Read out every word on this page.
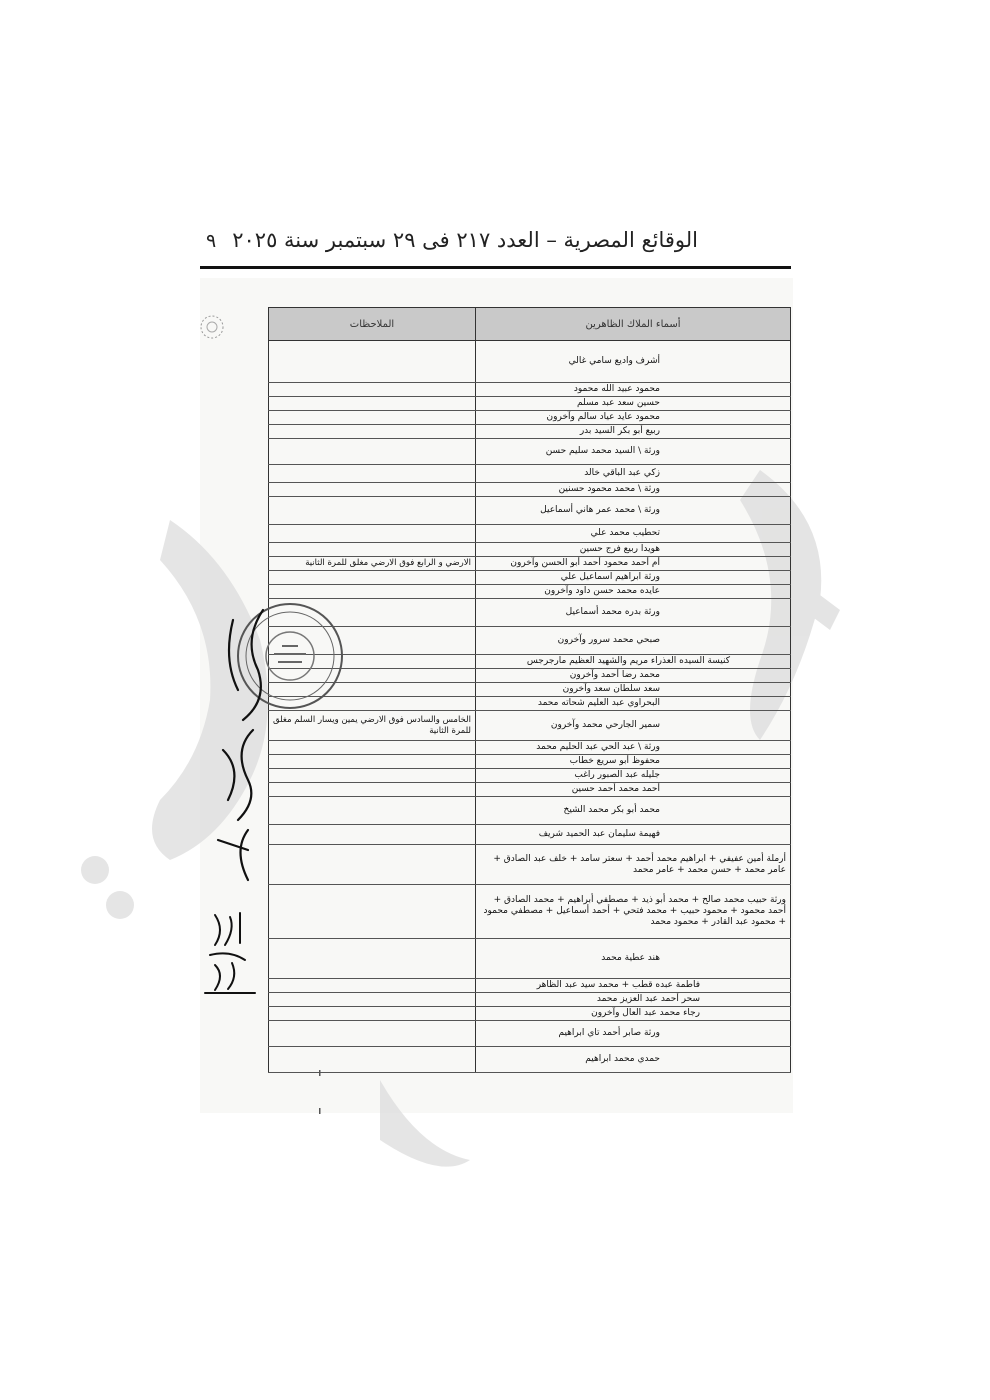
الوقائع المصرية – العدد ٢١٧ فى ٢٩ سبتمبر سنة ٢٠٢٥
٩
أسماء الملاك الظاهرين	الملاحظات
أشرف واديع سامي غالي	
محمود عبيد الله محمود	
حسين سعد عبد مسلم	
محمود عايد عياد سالم وآخرون	
ربيع أبو بكر السيد بدر	
ورثة \ السيد محمد سليم حسن	
زكي عبد الباقي خالد	
ورثة \ محمد محمود حسنين	
ورثة \ محمد عمر هاني أسماعيل	
تحطيب محمد علي	
هويدا ربيع فرج حسين	
أم أحمد محمود أحمد أبو الحسن وآخرون	الارضي و الرابع فوق الارضي مغلق للمرة الثانية
ورثة ابراهيم اسماعيل علي	
عايده محمد حسن داود وآخرون	
ورثة بدره محمد أسماعيل	
صبحي محمد سرور وآخرون	
كنيسة السيده العذراء مريم والشهيد العظيم مارجرجس	
محمد رضا أحمد وآخرون	
سعد سلطان سعد وآخرون	
البحراوي عبد العليم شحاته محمد	
سمير الجارحي محمد وآخرون	الخامس والسادس فوق الارضي يمين ويسار السلم مغلق للمرة الثانية
ورثة \ عبد الحي عبد الحليم محمد	
محفوظ أبو سريع خطاب	
جليله عبد الصبور راغب	
أحمد محمد أحمد حسين	
محمد أبو بكر محمد الشيخ	
فهيمة سليمان عبد الحميد شريف	
أرملة أمين عفيفي + ابراهيم محمد أحمد + سعتر سامد + خلف عبد الصادق + عامر محمد + حسن محمد + عامر محمد	
ورثة حبيب محمد صالح + محمد أبو ذيد + مصطفي أبراهيم + محمد الصادق + أحمد محمود + محمود حبيب + محمد فتحي + أحمد أسماعيل + مصطفي محمود + محمود عبد القادر + محمود محمد	
هند عطية محمد	
فاطمة عبده قطب + محمد سيد عبد الظاهر	
سحر أحمد عبد العزيز محمد	
رجاء محمد عبد العال وآخرون	
ورثة صابر أحمد تاي ابراهيم	
حمدي محمد ابراهيم	
